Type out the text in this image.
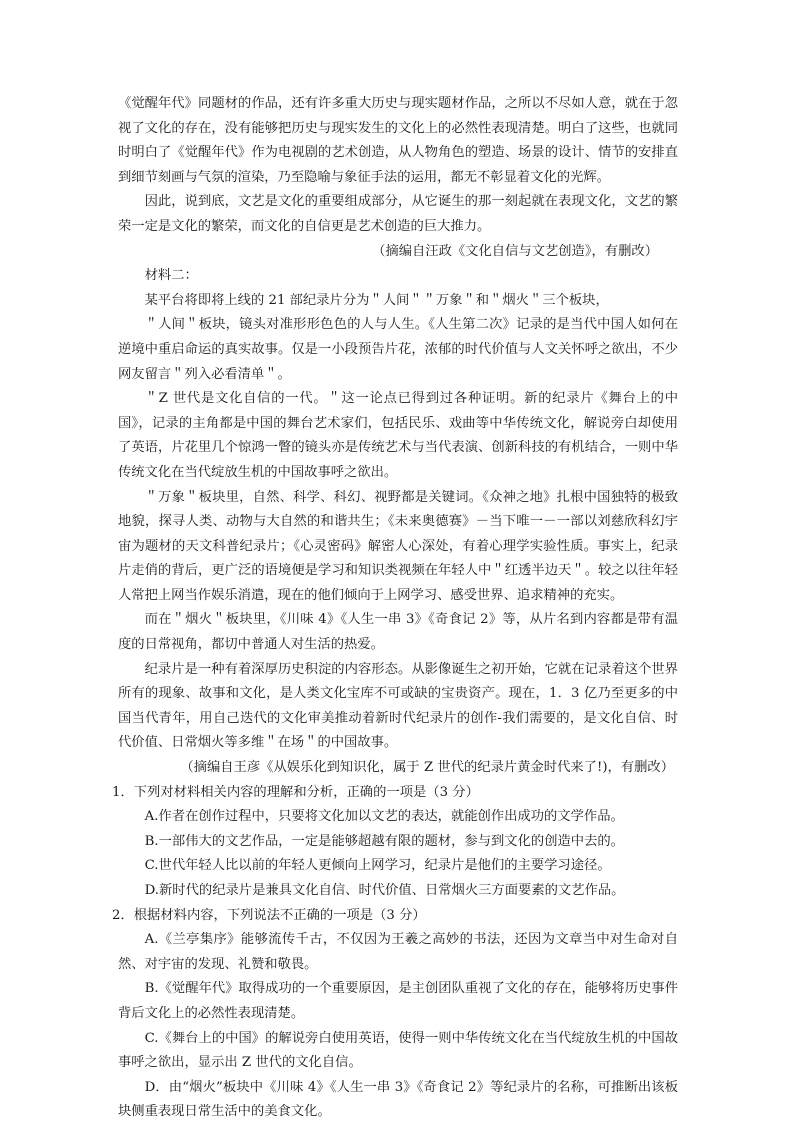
《觉醒年代》同题材的作品，还有许多重大历史与现实题材作品，之所以不尽如人意，就在于忽视了文化的存在，没有能够把历史与现实发生的文化上的必然性表现清楚。明白了这些，也就同时明白了《觉醒年代》作为电视剧的艺术创造，从人物角色的塑造、场景的设计、情节的安排直到细节刻画与气氛的渲染，乃至隐喻与象征手法的运用，都无不彰显着文化的光辉。

因此，说到底，文艺是文化的重要组成部分，从它诞生的那一刻起就在表现文化，文艺的繁荣一定是文化的繁荣，而文化的自信更是艺术创造的巨大推力。

（摘编自汪政《文化自信与文艺创造》，有删改）

材料二：

某平台将即将上线的 21 部纪录片分为＂人间＂＂万象＂和＂烟火＂三个板块，

＂人间＂板块，镜头对准形形色色的人与人生。《人生第二次》记录的是当代中国人如何在逆境中重启命运的真实故事。仅是一小段预告片花，浓郁的时代价值与人文关怀呼之欲出，不少网友留言＂列入必看清单＂。

＂Z 世代是文化自信的一代。＂这一论点已得到过各种证明。新的纪录片《舞台上的中国》，记录的主角都是中国的舞台艺术家们，包括民乐、戏曲等中华传统文化，解说旁白却使用了英语，片花里几个惊鸿一瞥的镜头亦是传统艺术与当代表演、创新科技的有机结合，一则中华传统文化在当代绽放生机的中国故事呼之欲出。

＂万象＂板块里，自然、科学、科幻、视野都是关键词。《众神之地》扎根中国独特的极致地貌，探寻人类、动物与大自然的和谐共生；《未来奥德赛》－当下唯一－一部以刘慈欣科幻宇宙为题材的天文科普纪录片；《心灵密码》解密人心深处，有着心理学实验性质。事实上，纪录片走俏的背后，更广泛的语境便是学习和知识类视频在年轻人中＂红透半边天＂。较之以往年轻人常把上网当作娱乐消遣，现在的他们倾向于上网学习、感受世界、追求精神的充实。

而在＂烟火＂板块里，《川味 4》《人生一串 3》《奇食记 2》等，从片名到内容都是带有温度的日常视角，都切中普通人对生活的热爱。

纪录片是一种有着深厚历史积淀的内容形态。从影像诞生之初开始，它就在记录着这个世界所有的现象、故事和文化，是人类文化宝库不可或缺的宝贵资产。现在，1．3 亿乃至更多的中国当代青年，用自己迭代的文化审美推动着新时代纪录片的创作-我们需要的，是文化自信、时代价值、日常烟火等多维＂在场＂的中国故事。

（摘编自王彦《从娱乐化到知识化，属于 Z 世代的纪录片黄金时代来了!)，有删改）

1．下列对材料相关内容的理解和分析，正确的一项是（3 分）

A.作者在创作过程中，只要将文化加以文艺的表达，就能创作出成功的文学作品。

B.一部伟大的文艺作品，一定是能够超越有限的题材，参与到文化的创造中去的。

C.世代年轻人比以前的年轻人更倾向上网学习，纪录片是他们的主要学习途径。

D.新时代的纪录片是兼具文化自信、时代价值、日常烟火三方面要素的文艺作品。

2．根据材料内容，下列说法不正确的一项是（3 分）

A.《兰亭集序》能够流传千古，不仅因为王羲之高妙的书法，还因为文章当中对生命对自然、对宇宙的发现、礼赞和敬畏。

B.《觉醒年代》取得成功的一个重要原因，是主创团队重视了文化的存在，能够将历史事件背后文化上的必然性表现清楚。

C.《舞台上的中国》的解说旁白使用英语，使得一则中华传统文化在当代绽放生机的中国故事呼之欲出，显示出 Z 世代的文化自信。

D．由“烟火”板块中《川味 4》《人生一串 3》《奇食记 2》等纪录片的名称，可推断出该板块侧重表现日常生活中的美食文化。
